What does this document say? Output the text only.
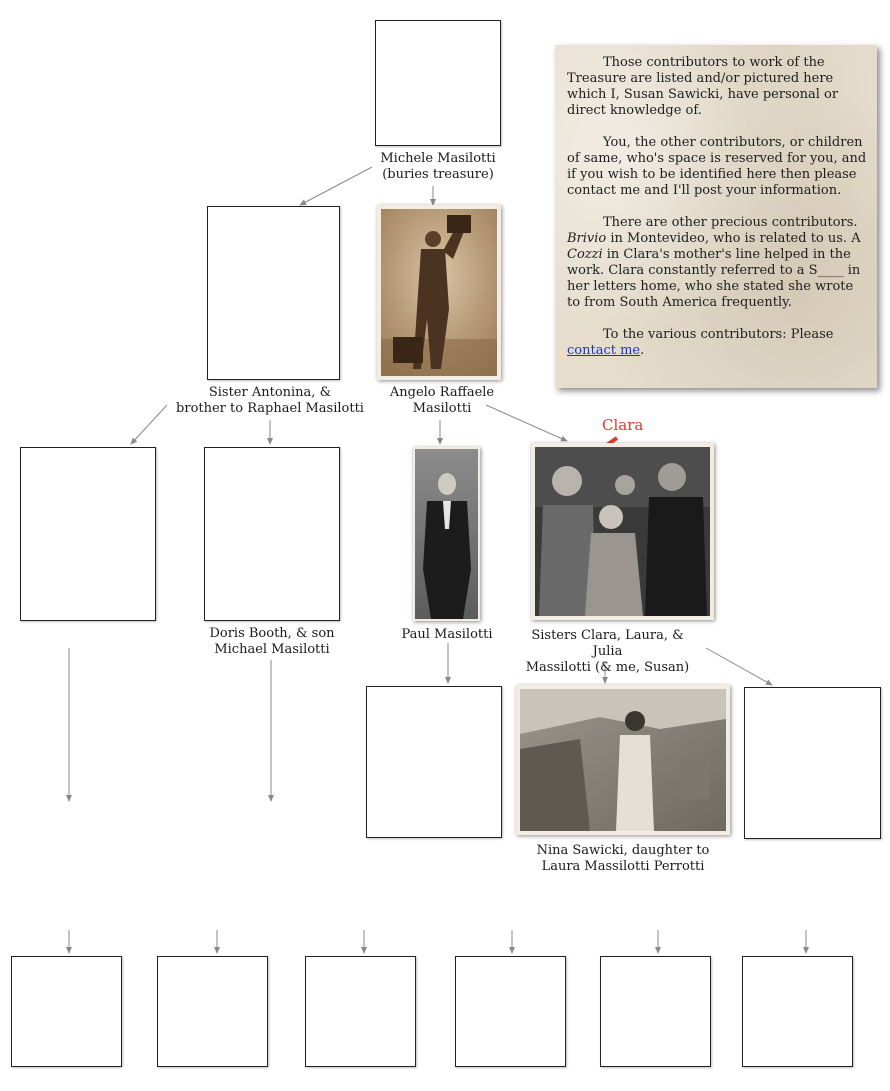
Michele Masilotti
(buries treasure)

Those contributors to work of the Treasure are listed and/or pictured here which I, Susan Sawicki, have personal or direct knowledge of.

You, the other contributors, or children of same, who's space is reserved for you, and if you wish to be identified here then please contact me and I'll post your information.

There are other precious contributors. Brivio in Montevideo, who is related to us. A Cozzi in Clara's mother's line helped in the work. Clara constantly referred to a S____ in her letters home, who she stated she wrote to from South America frequently.

To the various contributors: Please contact me.

Sister Antonina, &
brother to Raphael Masilotti
Angelo Raffaele
Masilotti
Doris Booth, & son
Michael Masilotti
Paul Masilotti
Clara
Sisters Clara, Laura, & Julia
Massilotti (& me, Susan)
Nina Sawicki, daughter to
Laura Massilotti Perrotti
